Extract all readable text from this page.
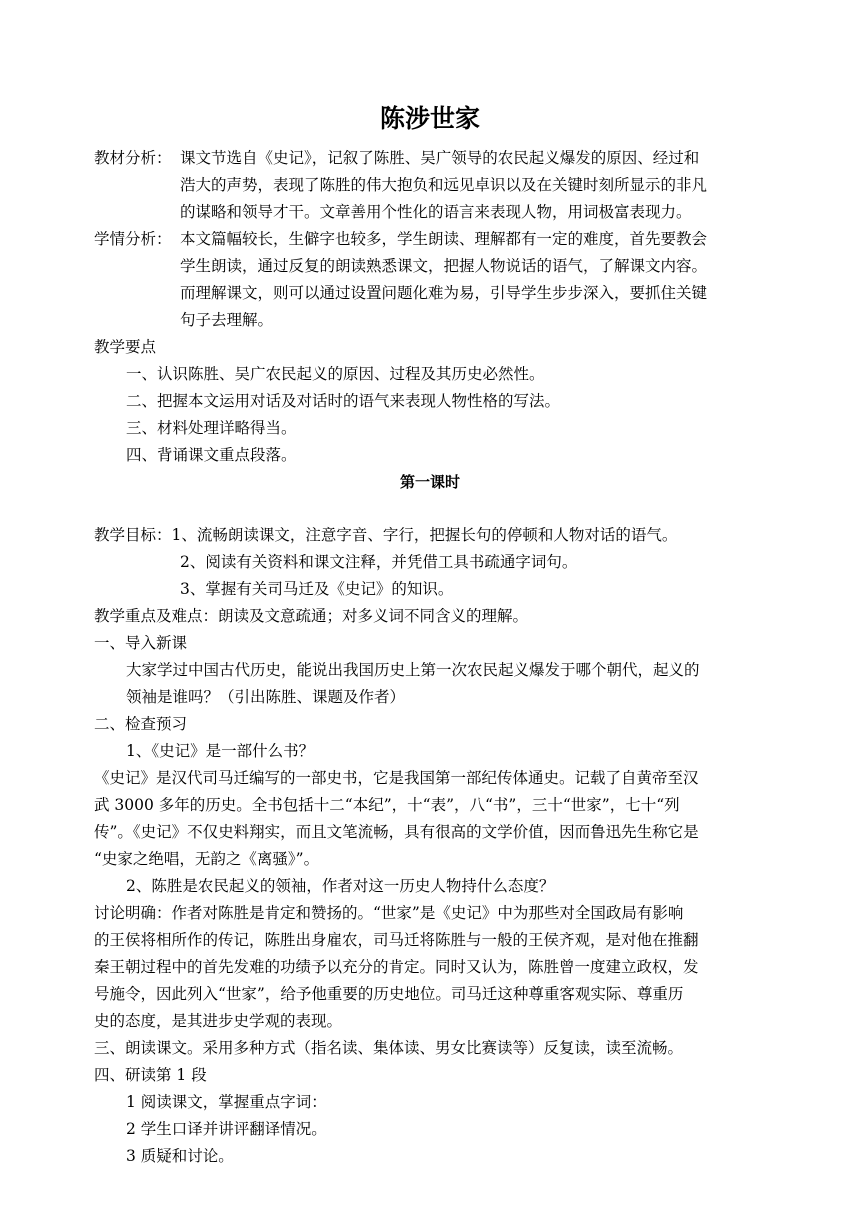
陈涉世家
教材分析： 课文节选自《史记》，记叙了陈胜、吴广领导的农民起义爆发的原因、经过和
浩大的声势，表现了陈胜的伟大抱负和远见卓识以及在关键时刻所显示的非凡
的谋略和领导才干。文章善用个性化的语言来表现人物，用词极富表现力。
学情分析： 本文篇幅较长，生僻字也较多，学生朗读、理解都有一定的难度，首先要教会
学生朗读，通过反复的朗读熟悉课文，把握人物说话的语气，了解课文内容。
而理解课文，则可以通过设置问题化难为易，引导学生步步深入，要抓住关键
句子去理解。
教学要点
一、认识陈胜、吴广农民起义的原因、过程及其历史必然性。
二、把握本文运用对话及对话时的语气来表现人物性格的写法。
三、材料处理详略得当。
四、背诵课文重点段落。
第一课时
教学目标：1、流畅朗读课文，注意字音、字行，把握长句的停顿和人物对话的语气。
2、阅读有关资料和课文注释，并凭借工具书疏通字词句。
3、掌握有关司马迁及《史记》的知识。
教学重点及难点：朗读及文意疏通；对多义词不同含义的理解。
一、导入新课
大家学过中国古代历史，能说出我国历史上第一次农民起义爆发于哪个朝代，起义的
领袖是谁吗？（引出陈胜、课题及作者）
二、检查预习
1、《史记》是一部什么书？
《史记》是汉代司马迁编写的一部史书，它是我国第一部纪传体通史。记载了自黄帝至汉
武 3000 多年的历史。全书包括十二“本纪”，十“表”，八“书”，三十“世家”，七十“列
传”。《史记》不仅史料翔实，而且文笔流畅，具有很高的文学价值，因而鲁迅先生称它是
“史家之绝唱，无韵之《离骚》”。
2、陈胜是农民起义的领袖，作者对这一历史人物持什么态度？
讨论明确：作者对陈胜是肯定和赞扬的。“世家”是《史记》中为那些对全国政局有影响
的王侯将相所作的传记，陈胜出身雇农，司马迁将陈胜与一般的王侯齐观，是对他在推翻
秦王朝过程中的首先发难的功绩予以充分的肯定。同时又认为，陈胜曾一度建立政权，发
号施令，因此列入“世家”，给予他重要的历史地位。司马迁这种尊重客观实际、尊重历
史的态度，是其进步史学观的表现。
三、朗读课文。采用多种方式（指名读、集体读、男女比赛读等）反复读，读至流畅。
四、研读第 1 段
1 阅读课文，掌握重点字词：
2 学生口译并讲评翻译情况。
3 质疑和讨论。
